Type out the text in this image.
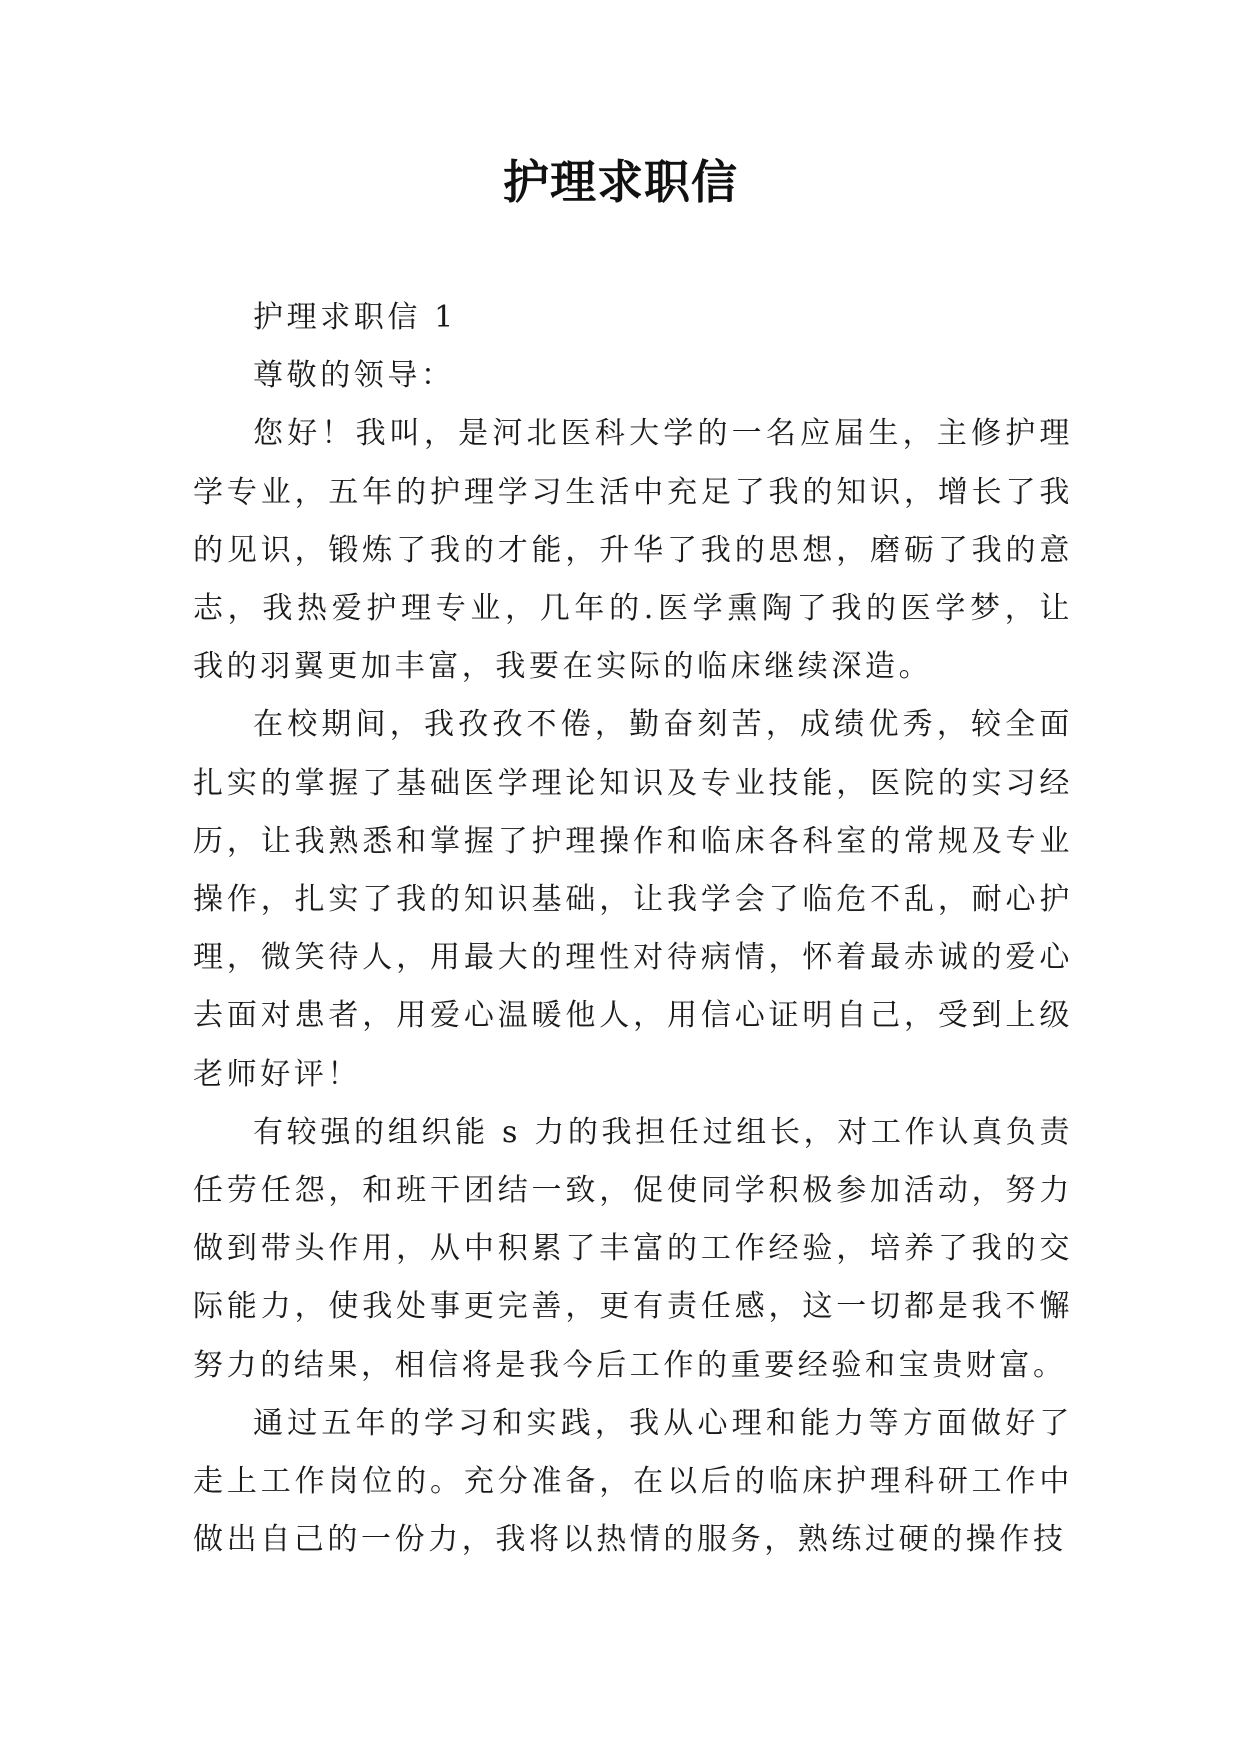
护理求职信

护理求职信 1

尊敬的领导：

您好！我叫，是河北医科大学的一名应届生，主修护理学专业，五年的护理学习生活中充足了我的知识，增长了我的见识，锻炼了我的才能，升华了我的思想，磨砺了我的意志，我热爱护理专业，几年的.医学熏陶了我的医学梦，让我的羽翼更加丰富，我要在实际的临床继续深造。

在校期间，我孜孜不倦，勤奋刻苦，成绩优秀，较全面扎实的掌握了基础医学理论知识及专业技能，医院的实习经历，让我熟悉和掌握了护理操作和临床各科室的常规及专业操作，扎实了我的知识基础，让我学会了临危不乱，耐心护理，微笑待人，用最大的理性对待病情，怀着最赤诚的爱心去面对患者，用爱心温暖他人，用信心证明自己，受到上级老师好评！

有较强的组织能 s 力的我担任过组长，对工作认真负责任劳任怨，和班干团结一致，促使同学积极参加活动，努力做到带头作用，从中积累了丰富的工作经验，培养了我的交际能力，使我处事更完善，更有责任感，这一切都是我不懈努力的结果，相信将是我今后工作的重要经验和宝贵财富。

通过五年的学习和实践，我从心理和能力等方面做好了走上工作岗位的。充分准备，在以后的临床护理科研工作中做出自己的一份力，我将以热情的服务，熟练过硬的操作技
